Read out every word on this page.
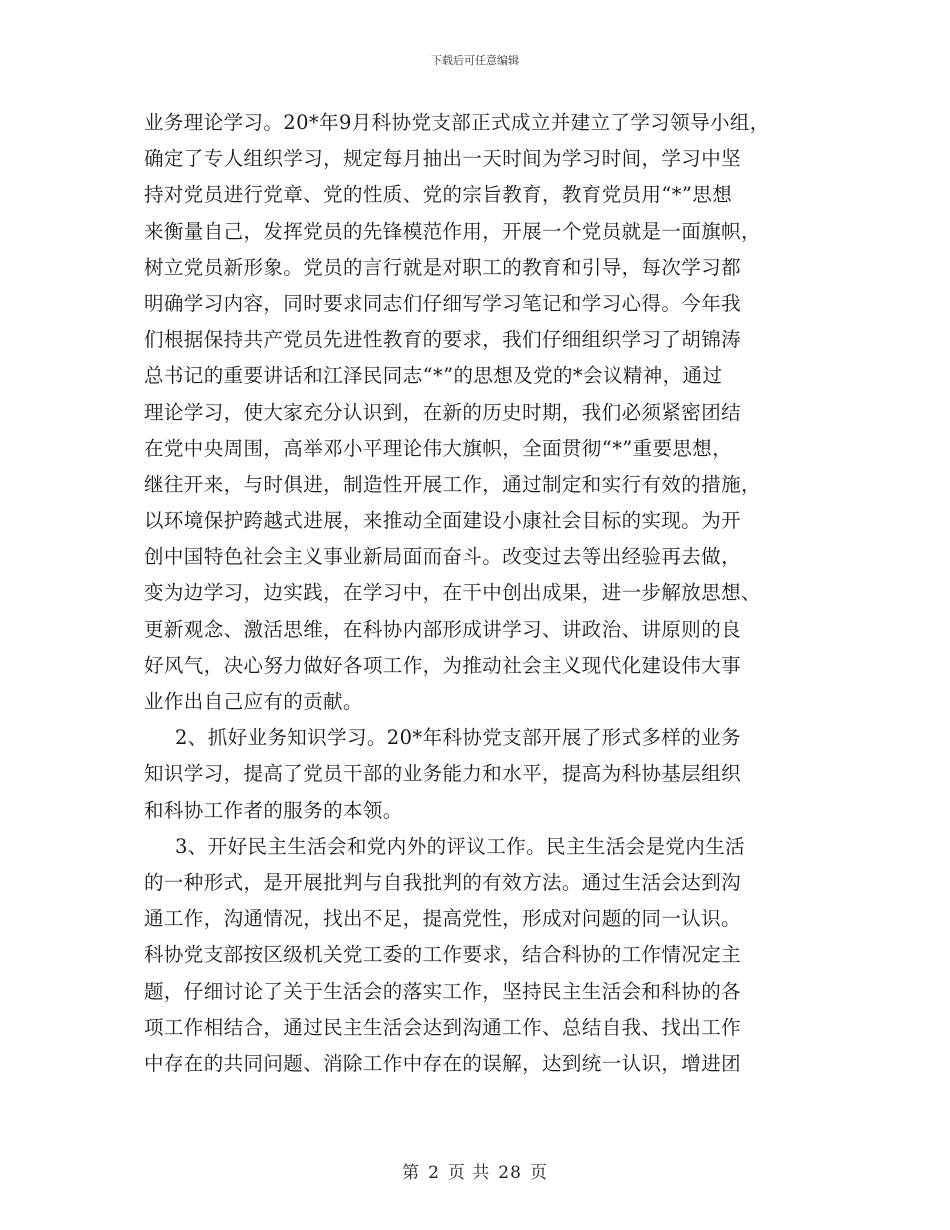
下载后可任意编辑
业务理论学习。20*年9月科协党支部正式成立并建立了学习领导小组，
确定了专人组织学习，规定每月抽出一天时间为学习时间，学习中坚
持对党员进行党章、党的性质、党的宗旨教育，教育党员用“*”思想
来衡量自己，发挥党员的先锋模范作用，开展一个党员就是一面旗帜，
树立党员新形象。党员的言行就是对职工的教育和引导，每次学习都
明确学习内容，同时要求同志们仔细写学习笔记和学习心得。今年我
们根据保持共产党员先进性教育的要求，我们仔细组织学习了胡锦涛
总书记的重要讲话和江泽民同志“*”的思想及党的*会议精神，通过
理论学习，使大家充分认识到，在新的历史时期，我们必须紧密团结
在党中央周围，高举邓小平理论伟大旗帜，全面贯彻“*”重要思想，
继往开来，与时俱进，制造性开展工作，通过制定和实行有效的措施，
以环境保护跨越式进展，来推动全面建设小康社会目标的实现。为开
创中国特色社会主义事业新局面而奋斗。改变过去等出经验再去做，
变为边学习，边实践，在学习中，在干中创出成果，进一步解放思想、
更新观念、激活思维，在科协内部形成讲学习、讲政治、讲原则的良
好风气，决心努力做好各项工作，为推动社会主义现代化建设伟大事
业作出自己应有的贡献。
2、抓好业务知识学习。20*年科协党支部开展了形式多样的业务
知识学习，提高了党员干部的业务能力和水平，提高为科协基层组织
和科协工作者的服务的本领。
3、开好民主生活会和党内外的评议工作。民主生活会是党内生活
的一种形式，是开展批判与自我批判的有效方法。通过生活会达到沟
通工作，沟通情况，找出不足，提高党性，形成对问题的同一认识。
科协党支部按区级机关党工委的工作要求，结合科协的工作情况定主
题，仔细讨论了关于生活会的落实工作，坚持民主生活会和科协的各
项工作相结合，通过民主生活会达到沟通工作、总结自我、找出工作
中存在的共同问题、消除工作中存在的误解，达到统一认识，增进团
第 2 页 共 28 页
